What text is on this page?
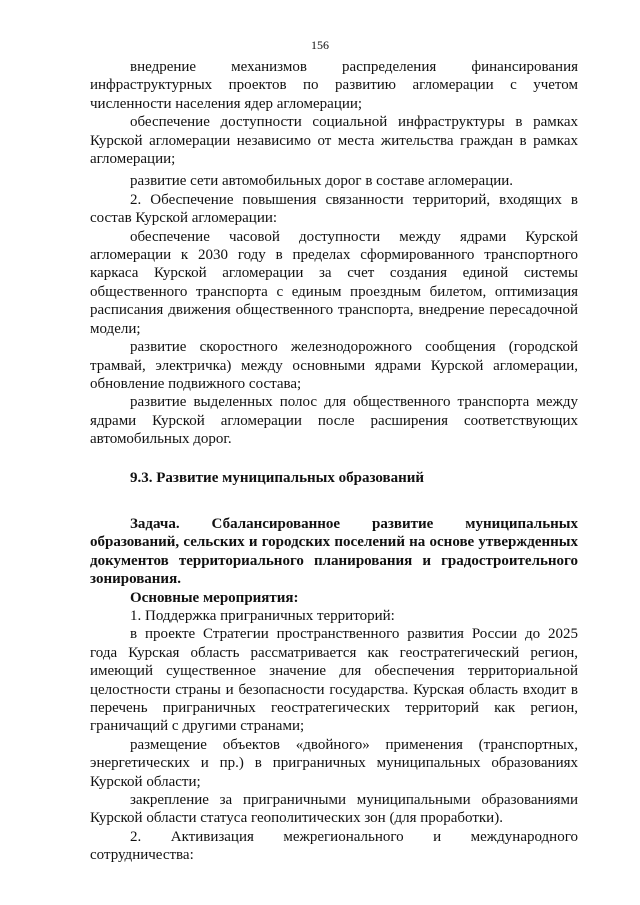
156

внедрение механизмов распределения финансирования инфраструктурных проектов по развитию агломерации с учетом численности населения ядер агломерации;

обеспечение доступности социальной инфраструктуры в рамках Курской агломерации независимо от места жительства граждан в рамках агломерации;

развитие сети автомобильных дорог в составе агломерации.

2. Обеспечение повышения связанности территорий, входящих в состав Курской агломерации:

обеспечение часовой доступности между ядрами Курской агломерации к 2030 году в пределах сформированного транспортного каркаса Курской агломерации за счет создания единой системы общественного транспорта с единым проездным билетом, оптимизация расписания движения общественного транспорта, внедрение пересадочной модели;

развитие скоростного железнодорожного сообщения (городской трамвай, электричка) между основными ядрами Курской агломерации, обновление подвижного состава;

развитие выделенных полос для общественного транспорта между ядрами Курской агломерации после расширения соответствующих автомобильных дорог.

9.3. Развитие муниципальных образований

Задача. Сбалансированное развитие муниципальных образований, сельских и городских поселений на основе утвержденных документов территориального планирования и градостроительного зонирования.

Основные мероприятия:

1. Поддержка приграничных территорий:

в проекте Стратегии пространственного развития России до 2025 года Курская область рассматривается как геостратегический регион, имеющий существенное значение для обеспечения территориальной целостности страны и безопасности государства. Курская область входит в перечень приграничных геостратегических территорий как регион, граничащий с другими странами;

размещение объектов «двойного» применения (транспортных, энергетических и пр.) в приграничных муниципальных образованиях Курской области;

закрепление за приграничными муниципальными образованиями Курской области статуса геополитических зон (для проработки).

2. Активизация межрегионального и международного сотрудничества:
